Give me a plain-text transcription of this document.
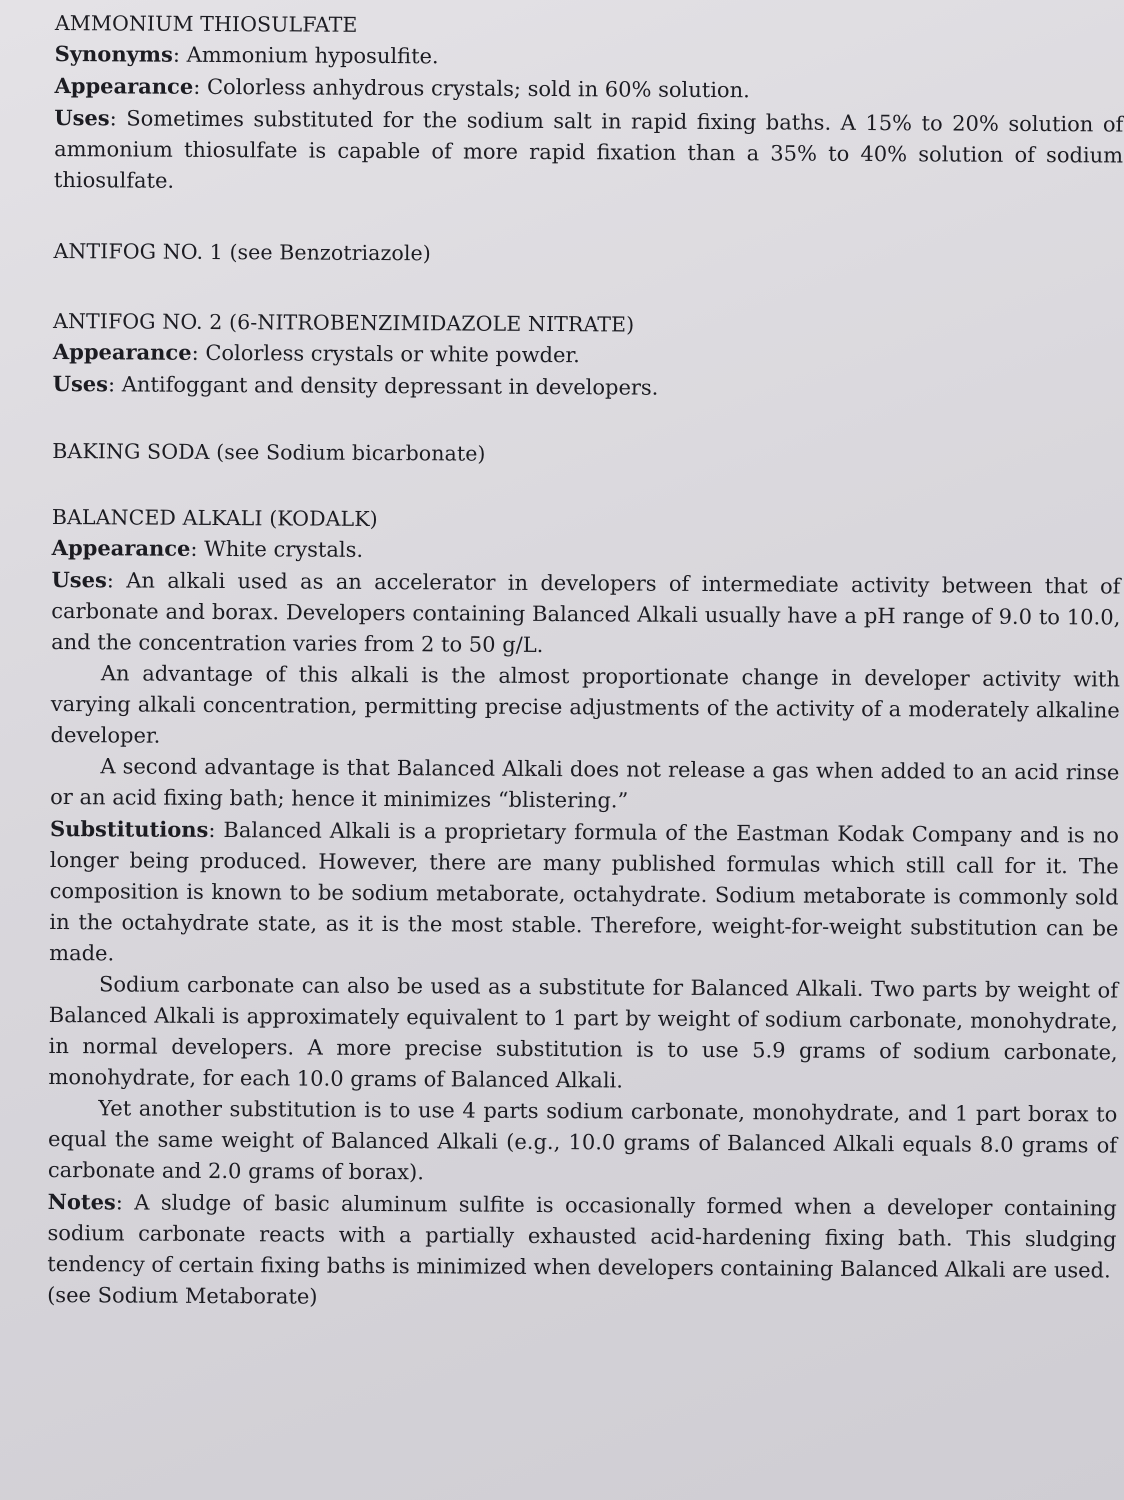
AMMONIUM THIOSULFATE

Synonyms: Ammonium hyposulfite.

Appearance: Colorless anhydrous crystals; sold in 60% solution.

Uses: Sometimes substituted for the sodium salt in rapid fixing baths. A 15% to 20% solution of ammonium thiosulfate is capable of more rapid fixation than a 35% to 40% solution of sodium thiosulfate.

ANTIFOG NO. 1 (see Benzotriazole)
ANTIFOG NO. 2 (6-NITROBENZIMIDAZOLE NITRATE)

Appearance: Colorless crystals or white powder.

Uses: Antifoggant and density depressant in developers.

BAKING SODA (see Sodium bicarbonate)
BALANCED ALKALI (KODALK)

Appearance: White crystals.

Uses: An alkali used as an accelerator in developers of intermediate activity between that of carbonate and borax. Developers containing Balanced Alkali usually have a pH range of 9.0 to 10.0, and the concentration varies from 2 to 50 g/L.

An advantage of this alkali is the almost proportionate change in developer activity with varying alkali concentration, permitting precise adjustments of the activity of a moderately alkaline developer.

A second advantage is that Balanced Alkali does not release a gas when added to an acid rinse or an acid fixing bath; hence it minimizes “blistering.”

Substitutions: Balanced Alkali is a proprietary formula of the Eastman Kodak Company and is no longer being produced. However, there are many published formulas which still call for it. The composition is known to be sodium metaborate, octahydrate. Sodium metaborate is commonly sold in the octahydrate state, as it is the most stable. Therefore, weight-for-weight substitution can be made.

Sodium carbonate can also be used as a substitute for Balanced Alkali. Two parts by weight of Balanced Alkali is approximately equivalent to 1 part by weight of sodium carbonate, monohydrate, in normal developers. A more precise substitution is to use 5.9 grams of sodium carbonate, monohydrate, for each 10.0 grams of Balanced Alkali.

Yet another substitution is to use 4 parts sodium carbonate, monohydrate, and 1 part borax to equal the same weight of Balanced Alkali (e.g., 10.0 grams of Balanced Alkali equals 8.0 grams of carbonate and 2.0 grams of borax).

Notes: A sludge of basic aluminum sulfite is occasionally formed when a developer containing sodium carbonate reacts with a partially exhausted acid-hardening fixing bath. This sludging tendency of certain fixing baths is minimized when developers containing Balanced Alkali are used.

(see Sodium Metaborate)
